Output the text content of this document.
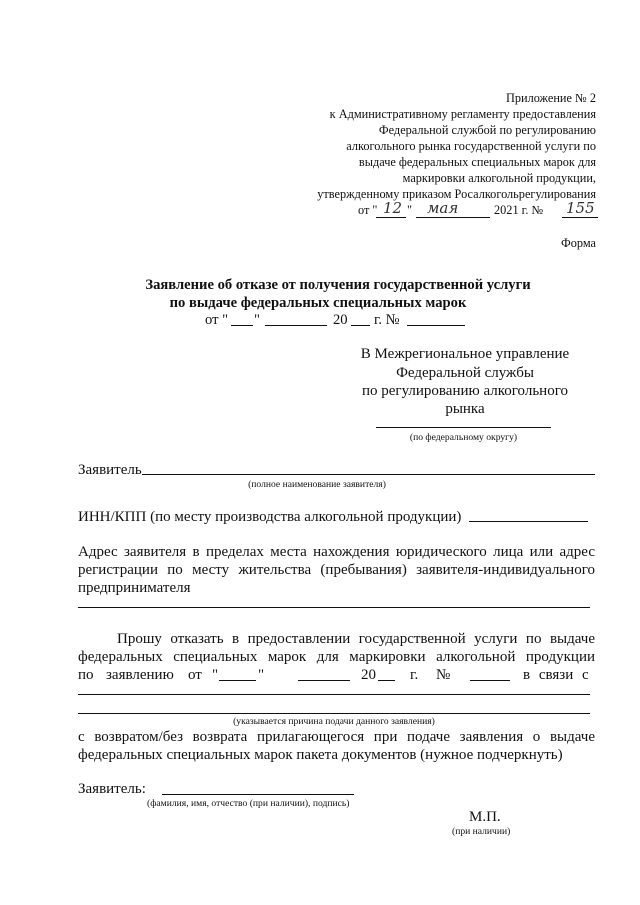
Приложение № 2
к Административному регламенту предоставления
Федеральной службой по регулированию
алкогольного рынка государственной услуги по
выдаче федеральных специальных марок для
маркировки алкогольной продукции,
утвержденному приказом Росалкогольрегулирования
от " 12 " мая	2021 г. № 155
Форма
Заявление об отказе от получения государственной услуги
по выдаче федеральных специальных марок
от " "	20 г. №
В Межрегиональное управление
Федеральной службы
по регулированию алкогольного
рынка
(по федеральному округу)
Заявитель
(полное наименование заявителя)
ИНН/КПП (по месту производства алкогольной продукции)
Адрес заявителя в пределах места нахождения юридического лица или адрес
регистрации по месту жительства (пребывания) заявителя-индивидуального
предпринимателя
Прошу отказать в предоставлении государственной услуги по выдаче
федеральных специальных марок для маркировки алкогольной продукции
по заявлению от "	"	20 г. №	в связи с
(указывается причина подачи данного заявления)
с возвратом/без возврата прилагающегося при подаче заявления о выдаче
федеральных специальных марок пакета документов (нужное подчеркнуть)
Заявитель:
(фамилия, имя, отчество (при наличии), подпись)
М.П.
(при наличии)
